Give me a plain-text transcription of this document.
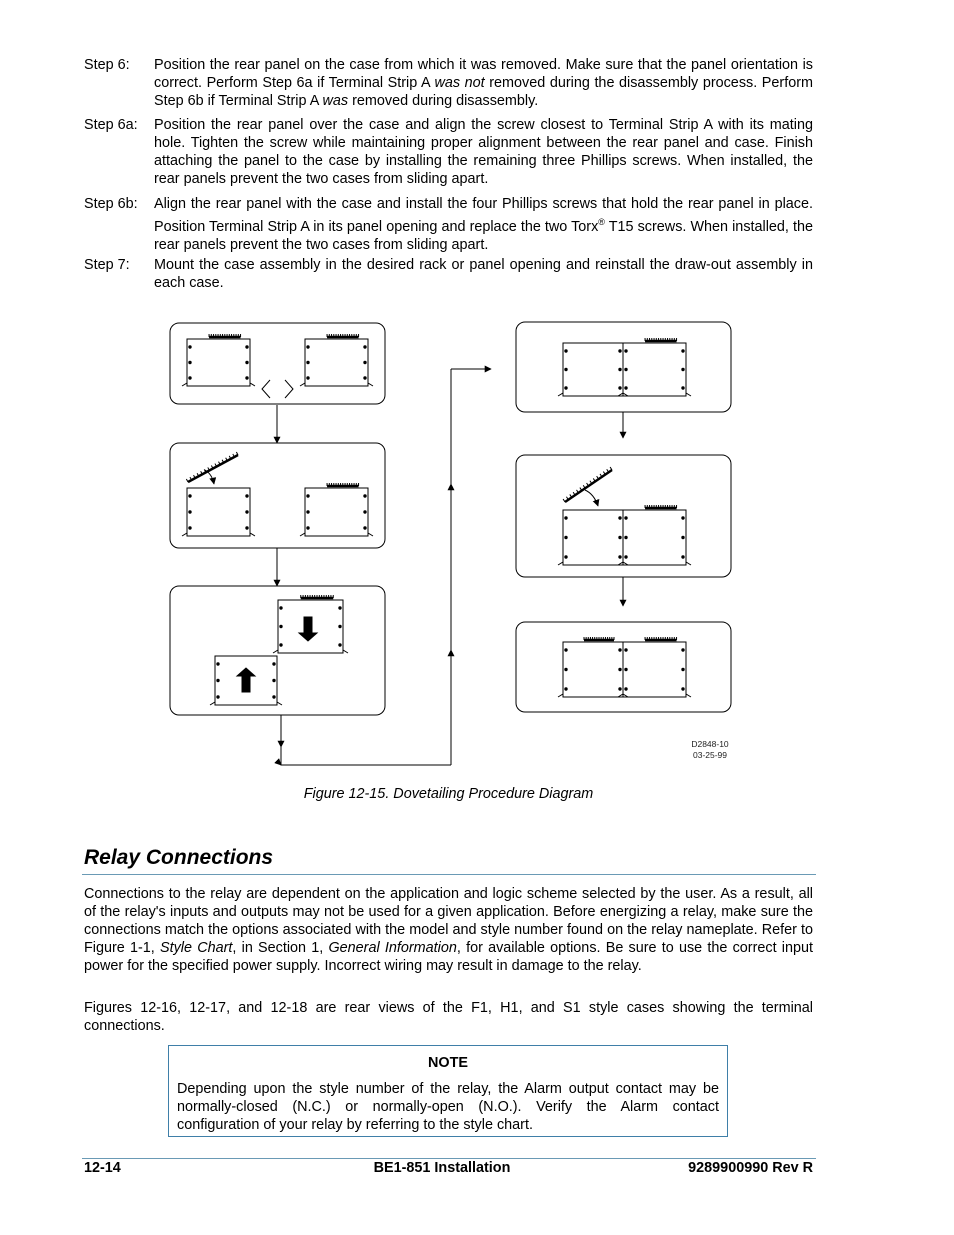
Step 6: Position the rear panel on the case from which it was removed. Make sure that the panel orientation is correct. Perform Step 6a if Terminal Strip A was not removed during the disassembly process. Perform Step 6b if Terminal Strip A was removed during disassembly.
Step 6a: Position the rear panel over the case and align the screw closest to Terminal Strip A with its mating hole. Tighten the screw while maintaining proper alignment between the rear panel and case. Finish attaching the panel to the case by installing the remaining three Phillips screws. When installed, the rear panels prevent the two cases from sliding apart.
Step 6b: Align the rear panel with the case and install the four Phillips screws that hold the rear panel in place. Position Terminal Strip A in its panel opening and replace the two Torx® T15 screws. When installed, the rear panels prevent the two cases from sliding apart.
Step 7: Mount the case assembly in the desired rack or panel opening and reinstall the draw-out assembly in each case.
D2848-10
03-25-99
Figure 12-15. Dovetailing Procedure Diagram
Relay Connections
Connections to the relay are dependent on the application and logic scheme selected by the user. As a result, all of the relay's inputs and outputs may not be used for a given application. Before energizing a relay, make sure the connections match the options associated with the model and style number found on the relay nameplate. Refer to Figure 1-1, Style Chart, in Section 1, General Information, for available options. Be sure to use the correct input power for the specified power supply. Incorrect wiring may result in damage to the relay.
Figures 12-16, 12-17, and 12-18 are rear views of the F1, H1, and S1 style cases showing the terminal connections.
NOTE
Depending upon the style number of the relay, the Alarm output contact may be normally-closed (N.C.) or normally-open (N.O.). Verify the Alarm contact configuration of your relay by referring to the style chart.
12-14	BE1-851 Installation	9289900990 Rev R
